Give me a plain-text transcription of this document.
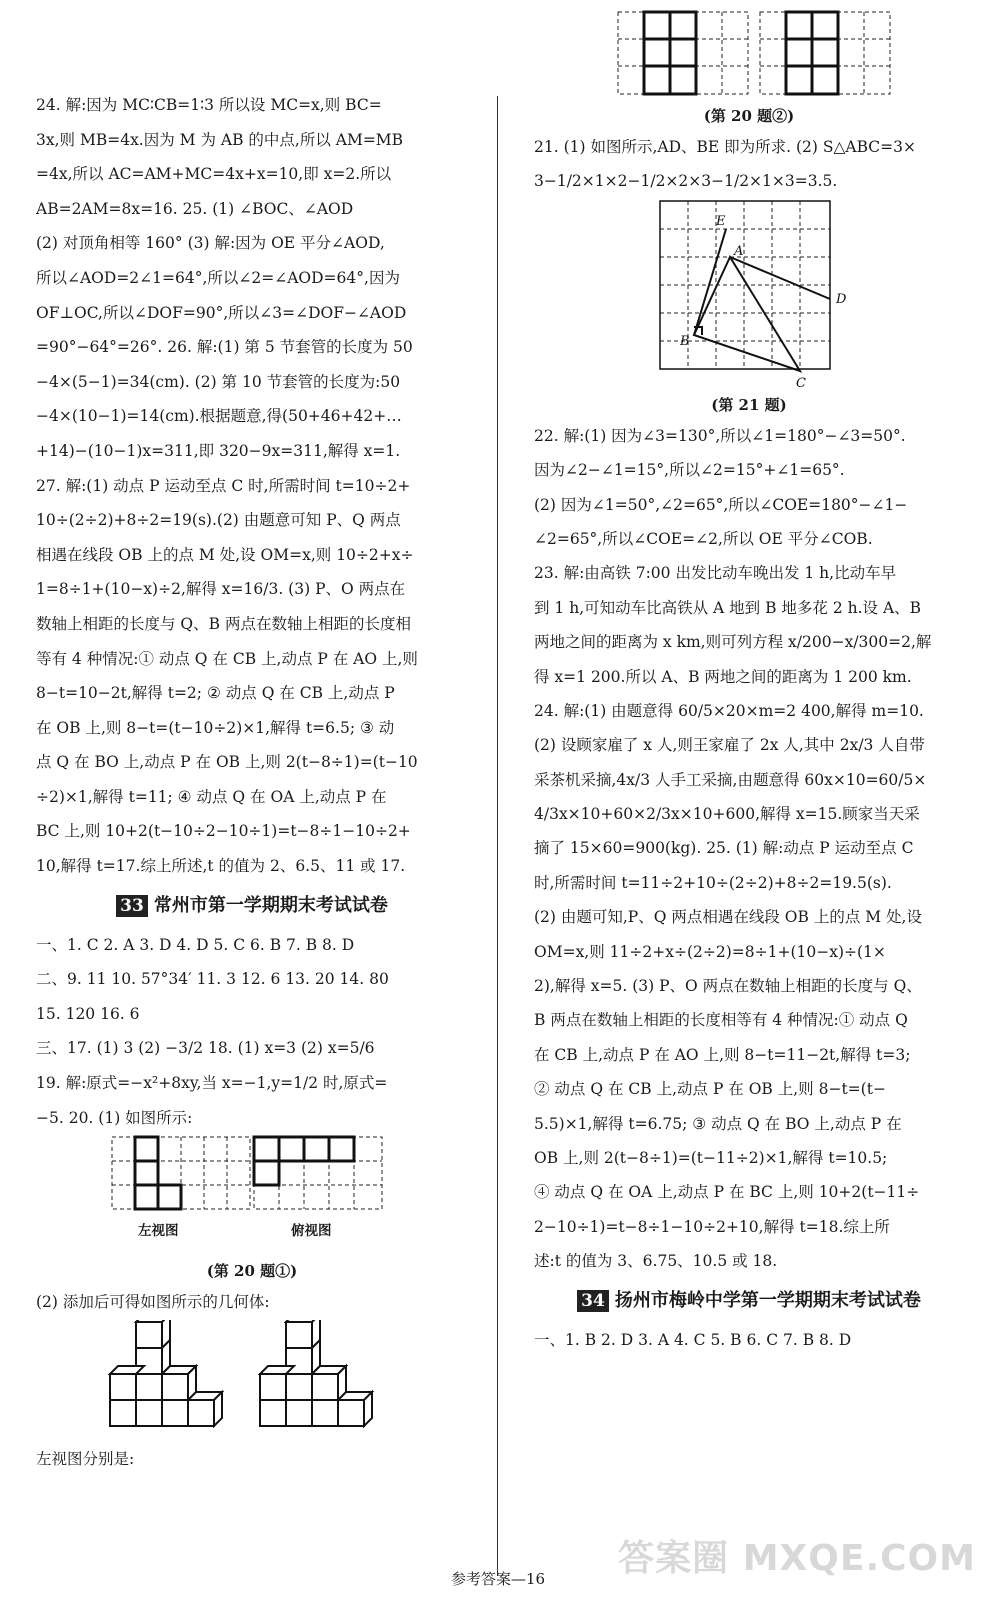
24. 解:因为 MC∶CB=1∶3 所以设 MC=x,则 BC=
3x,则 MB=4x.因为 M 为 AB 的中点,所以 AM=MB
=4x,所以 AC=AM+MC=4x+x=10,即 x=2.所以
AB=2AM=8x=16. 25. (1) ∠BOC、∠AOD
(2) 对顶角相等 160° (3) 解:因为 OE 平分∠AOD,
所以∠AOD=2∠1=64°,所以∠2=∠AOD=64°,因为
OF⊥OC,所以∠DOF=90°,所以∠3=∠DOF−∠AOD
=90°−64°=26°. 26. 解:(1) 第 5 节套管的长度为 50
−4×(5−1)=34(cm). (2) 第 10 节套管的长度为:50
−4×(10−1)=14(cm).根据题意,得(50+46+42+…
+14)−(10−1)x=311,即 320−9x=311,解得 x=1.
27. 解:(1) 动点 P 运动至点 C 时,所需时间 t=10÷2+
10÷(2÷2)+8÷2=19(s).(2) 由题意可知 P、Q 两点
相遇在线段 OB 上的点 M 处,设 OM=x,则 10÷2+x÷
1=8÷1+(10−x)÷2,解得 x=16/3. (3) P、O 两点在
数轴上相距的长度与 Q、B 两点在数轴上相距的长度相
等有 4 种情况:① 动点 Q 在 CB 上,动点 P 在 AO 上,则
8−t=10−2t,解得 t=2; ② 动点 Q 在 CB 上,动点 P
在 OB 上,则 8−t=(t−10÷2)×1,解得 t=6.5; ③ 动
点 Q 在 BO 上,动点 P 在 OB 上,则 2(t−8÷1)=(t−10
÷2)×1,解得 t=11; ④ 动点 Q 在 OA 上,动点 P 在
BC 上,则 10+2(t−10÷2−10÷1)=t−8÷1−10÷2+
10,解得 t=17.综上所述,t 的值为 2、6.5、11 或 17.
33 常州市第一学期期末考试试卷
一、1. C 2. A 3. D 4. D 5. C 6. B 7. B 8. D
二、9. 11 10. 57°34′ 11. 3 12. 6 13. 20 14. 80
15. 120 16. 6
三、17. (1) 3 (2) −3/2 18. (1) x=3 (2) x=5/6
19. 解:原式=−x²+8xy,当 x=−1,y=1/2 时,原式=
−5. 20. (1) 如图所示:
左视图	俯视图
(第 20 题①)
(2) 添加后可得如图所示的几何体:
左视图分别是:
(第 20 题②)
21. (1) 如图所示,AD、BE 即为所求. (2) S△ABC=3×
3−1/2×1×2−1/2×2×3−1/2×1×3=3.5.
E
A
D
B
C
(第 21 题)
22. 解:(1) 因为∠3=130°,所以∠1=180°−∠3=50°.
因为∠2−∠1=15°,所以∠2=15°+∠1=65°.
(2) 因为∠1=50°,∠2=65°,所以∠COE=180°−∠1−
∠2=65°,所以∠COE=∠2,所以 OE 平分∠COB.
23. 解:由高铁 7:00 出发比动车晚出发 1 h,比动车早
到 1 h,可知动车比高铁从 A 地到 B 地多花 2 h.设 A、B
两地之间的距离为 x km,则可列方程 x/200−x/300=2,解
得 x=1 200.所以 A、B 两地之间的距离为 1 200 km.
24. 解:(1) 由题意得 60/5×20×m=2 400,解得 m=10.
(2) 设顾家雇了 x 人,则王家雇了 2x 人,其中 2x/3 人自带
采茶机采摘,4x/3 人手工采摘,由题意得 60x×10=60/5×
4/3x×10+60×2/3x×10+600,解得 x=15.顾家当天采
摘了 15×60=900(kg). 25. (1) 解:动点 P 运动至点 C
时,所需时间 t=11÷2+10÷(2÷2)+8÷2=19.5(s).
(2) 由题可知,P、Q 两点相遇在线段 OB 上的点 M 处,设
OM=x,则 11÷2+x÷(2÷2)=8÷1+(10−x)÷(1×
2),解得 x=5. (3) P、O 两点在数轴上相距的长度与 Q、
B 两点在数轴上相距的长度相等有 4 种情况:① 动点 Q
在 CB 上,动点 P 在 AO 上,则 8−t=11−2t,解得 t=3;
② 动点 Q 在 CB 上,动点 P 在 OB 上,则 8−t=(t−
5.5)×1,解得 t=6.75; ③ 动点 Q 在 BO 上,动点 P 在
OB 上,则 2(t−8÷1)=(t−11÷2)×1,解得 t=10.5;
④ 动点 Q 在 OA 上,动点 P 在 BC 上,则 10+2(t−11÷
2−10÷1)=t−8÷1−10÷2+10,解得 t=18.综上所
述:t 的值为 3、6.75、10.5 或 18.
34 扬州市梅岭中学第一学期期末考试试卷
一、1. B 2. D 3. A 4. C 5. B 6. C 7. B 8. D
参考答案—16	答案圈 MXQE.COM
